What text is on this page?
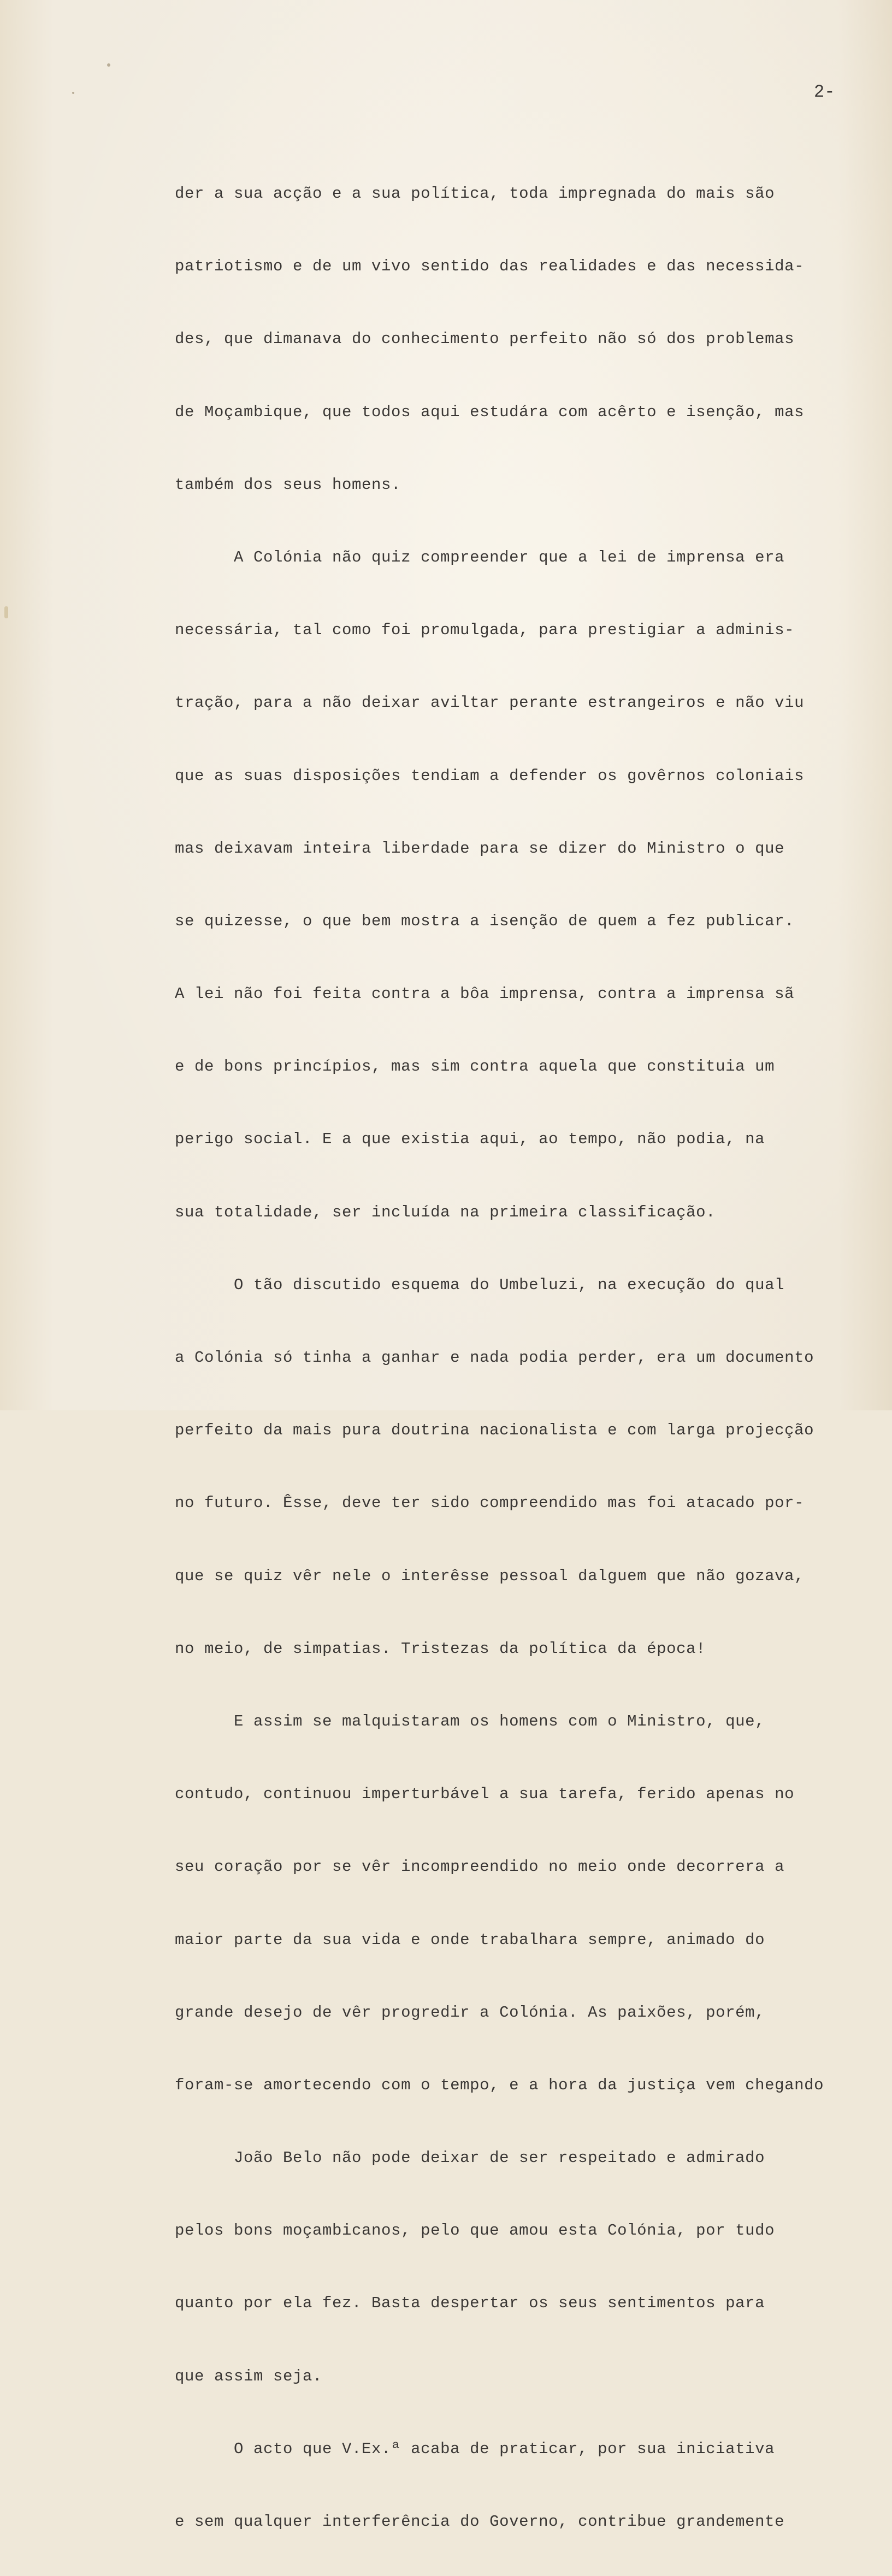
2-

der a sua acção e a sua política, toda impregnada do mais são

patriotismo e de um vivo sentido das realidades e das necessida-

des, que dimanava do conhecimento perfeito não só dos problemas

de Moçambique, que todos aqui estudára com acêrto e isenção, mas

também dos seus homens.

A Colónia não quiz compreender que a lei de imprensa era

necessária, tal como foi promulgada, para prestigiar a adminis-

tração, para a não deixar aviltar perante estrangeiros e não viu

que as suas disposições tendiam a defender os govêrnos coloniais

mas deixavam inteira liberdade para se dizer do Ministro o que

se quizesse, o que bem mostra a isenção de quem a fez publicar.

A lei não foi feita contra a bôa imprensa, contra a imprensa sã

e de bons princípios, mas sim contra aquela que constituia um

perigo social. E a que existia aqui, ao tempo, não podia, na

sua totalidade, ser incluída na primeira classificação.

O tão discutido esquema do Umbeluzi, na execução do qual

a Colónia só tinha a ganhar e nada podia perder, era um documento

perfeito da mais pura doutrina nacionalista e com larga projecção

no futuro. Êsse, deve ter sido compreendido mas foi atacado por-

que se quiz vêr nele o interêsse pessoal dalguem que não gozava,

no meio, de simpatias. Tristezas da política da época!

E assim se malquistaram os homens com o Ministro, que,

contudo, continuou imperturbável a sua tarefa, ferido apenas no

seu coração por se vêr incompreendido no meio onde decorrera a

maior parte da sua vida e onde trabalhara sempre, animado do

grande desejo de vêr progredir a Colónia. As paixões, porém,

foram-se amortecendo com o tempo, e a hora da justiça vem chegando

João Belo não pode deixar de ser respeitado e admirado

pelos bons moçambicanos, pelo que amou esta Colónia, por tudo

quanto por ela fez. Basta despertar os seus sentimentos para

que assim seja.

O acto que V.Ex.ª acaba de praticar, por sua iniciativa

e sem qualquer interferência do Governo, contribue grandemente
